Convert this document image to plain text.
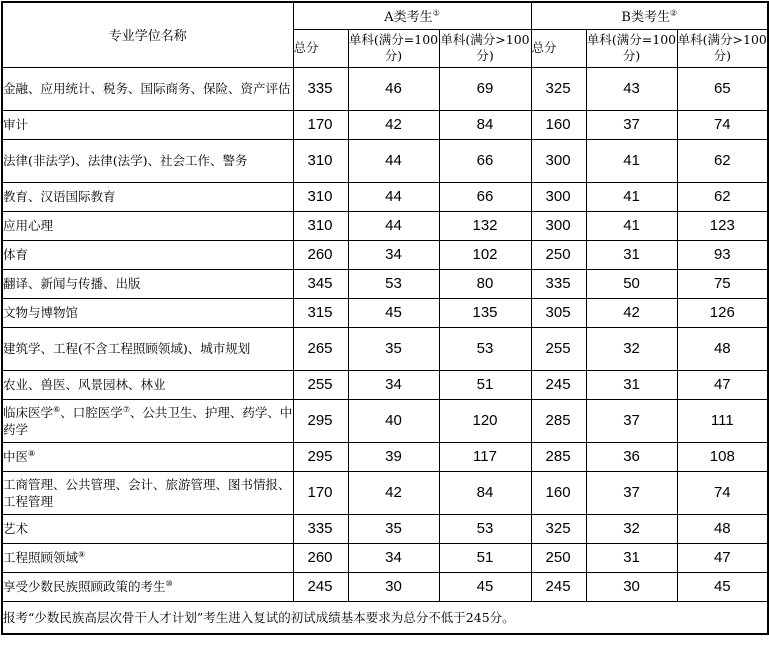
专业学位名称	A类考生①			B类考生②
	总分	单科(满分=100分)	单科(满分>100分)	总分	单科(满分=100分)	单科(满分>100分)
金融、应用统计、税务、国际商务、保险、资产评估	335	46	69	325	43	65
审计	170	42	84	160	37	74
法律(非法学)、法律(法学)、社会工作、警务	310	44	66	300	41	62
教育、汉语国际教育	310	44	66	300	41	62
应用心理	310	44	132	300	41	123
体育	260	34	102	250	31	93
翻译、新闻与传播、出版	345	53	80	335	50	75
文物与博物馆	315	45	135	305	42	126
建筑学、工程(不含工程照顾领域)、城市规划	265	35	53	255	32	48
农业、兽医、风景园林、林业	255	34	51	245	31	47
临床医学⑥、口腔医学⑦、公共卫生、护理、药学、中药学	295	40	120	285	37	111
中医⑧	295	39	117	285	36	108
工商管理、公共管理、会计、旅游管理、图书情报、工程管理	170	42	84	160	37	74
艺术	335	35	53	325	32	48
工程照顾领域⑨	260	34	51	250	31	47
享受少数民族照顾政策的考生⑩	245	30	45	245	30	45
报考“少数民族高层次骨干人才计划”考生进入复试的初试成绩基本要求为总分不低于245分。						
